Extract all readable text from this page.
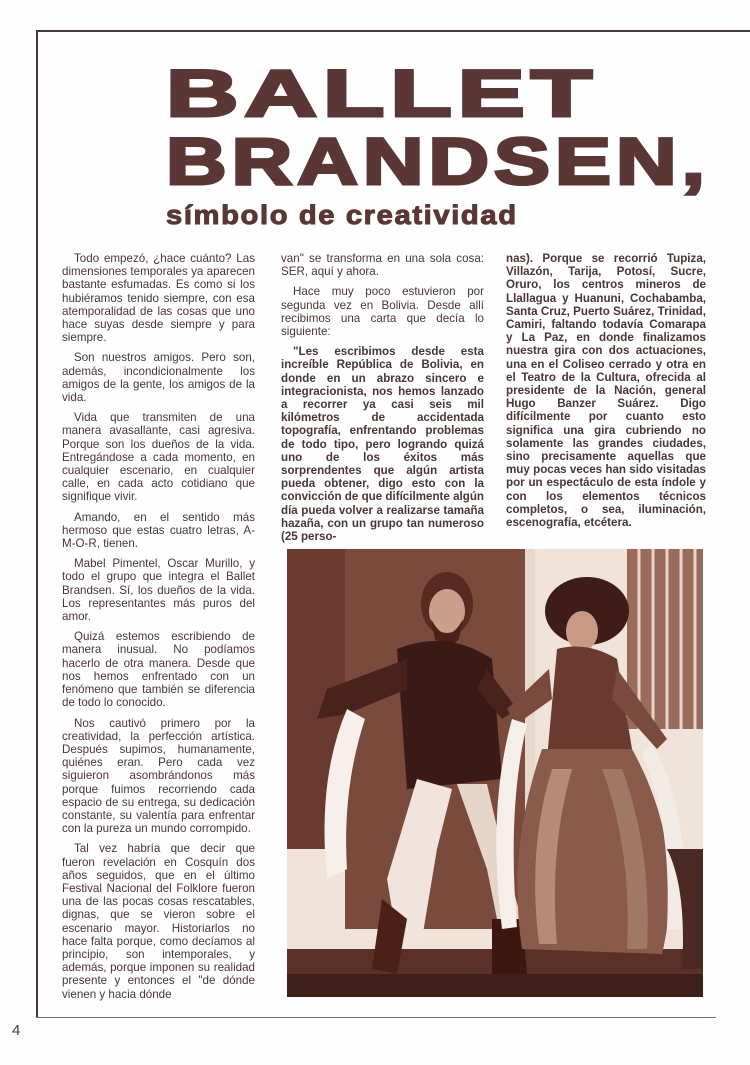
BALLET
BRANDSEN,
símbolo de creatividad

Todo empezó, ¿hace cuánto? Las dimensiones temporales ya aparecen bastante esfumadas. Es como si los hubiéramos tenido siempre, con esa atemporalidad de las cosas que uno hace suyas desde siempre y para siempre.

Son nuestros amigos. Pero son, además, incondicionalmente los amigos de la gente, los amigos de la vida.

Vida que transmiten de una manera avasallante, casi agresiva. Porque son los dueños de la vida. Entregándose a cada momento, en cualquier escenario, en cualquier calle, en cada acto cotidiano que signifique vivir.

Amando, en el sentido más hermoso que estas cuatro letras, A-M-O-R, tienen.

Mabel Pimentel, Oscar Murillo, y todo el grupo que integra el Ballet Brandsen. Sí, los dueños de la vida. Los representantes más puros del amor.

Quizá estemos escribiendo de manera inusual. No podíamos hacerlo de otra manera. Desde que nos hemos enfrentado con un fenómeno que también se diferencia de todo lo conocido.

Nos cautivó primero por la creatividad, la perfección artística. Después supimos, humanamente, quiénes eran. Pero cada vez siguieron asombrándonos más porque fuimos recorriendo cada espacio de su entrega, su dedicación constante, su valentía para enfrentar con la pureza un mundo corrompido.

Tal vez habría que decir que fueron revelación en Cosquín dos años seguidos, que en el último Festival Nacional del Folklore fueron una de las pocas cosas rescatables, dignas, que se vieron sobre el escenario mayor. Historiarlos no hace falta porque, como decíamos al principio, son intemporales, y además, porque imponen su realidad presente y entonces el "de dónde vienen y hacia dónde

van" se transforma en una sola cosa: SER, aquí y ahora.

Hace muy poco estuvieron por segunda vez en Bolivia. Desde allí recibimos una carta que decía lo siguiente:

"Les escribimos desde esta increíble República de Bolivia, en donde en un abrazo sincero e integracionista, nos hemos lanzado a recorrer ya casi seis mil kilómetros de accidentada topografía, enfrentando problemas de todo tipo, pero logrando quizá uno de los éxitos más sorprendentes que algún artista pueda obtener, digo esto con la convicción de que difícilmente algún día pueda volver a realizarse tamaña hazaña, con un grupo tan numeroso (25 perso-

nas). Porque se recorrió Tupiza, Villazón, Tarija, Potosí, Sucre, Oruro, los centros mineros de Llallagua y Huanuni, Cochabamba, Santa Cruz, Puerto Suárez, Trinidad, Camiri, faltando todavía Comarapa y La Paz, en donde finalizamos nuestra gira con dos actuaciones, una en el Coliseo cerrado y otra en el Teatro de la Cultura, ofrecida al presidente de la Nación, general Hugo Banzer Suárez. Digo difícilmente por cuanto esto significa una gira cubriendo no solamente las grandes ciudades, sino precisamente aquellas que muy pocas veces han sido visitadas por un espectáculo de esta índole y con los elementos técnicos completos, o sea, iluminación, escenografía, etcétera.

4
